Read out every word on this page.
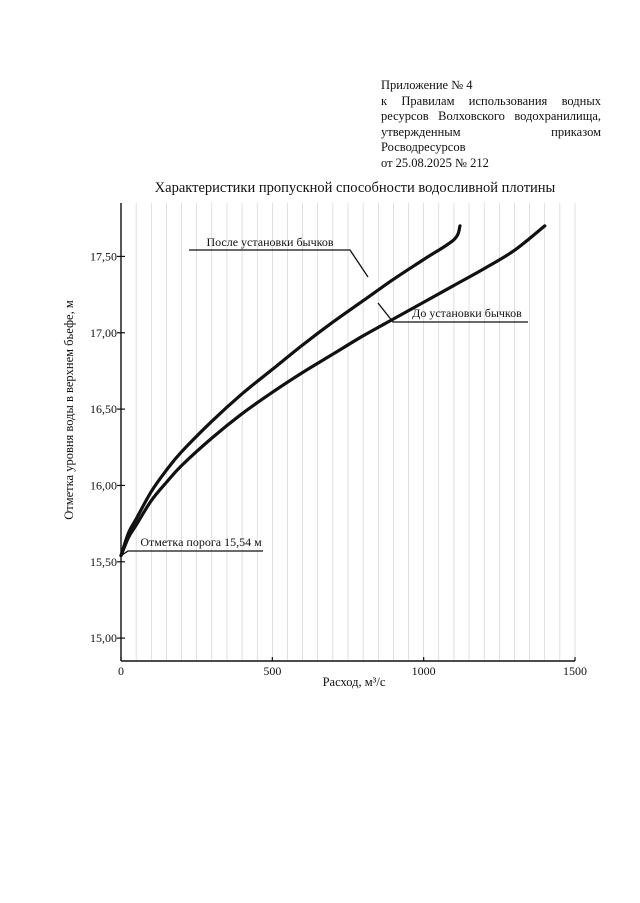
Приложение № 4
к Правилам использования водных
ресурсов Волховского водохранилища,
утвержденным приказом Росводресурсов
от 25.08.2025 № 212
Характеристики пропускной способности водосливной плотины
15,00
15,50
16,00
16,50
17,00
17,50
0	500	1000	1500
После установки бычков
До установки бычков
Отметка порога 15,54 м
Расход, м³/с
Отметка уровня воды в верхнем бьефе, м
